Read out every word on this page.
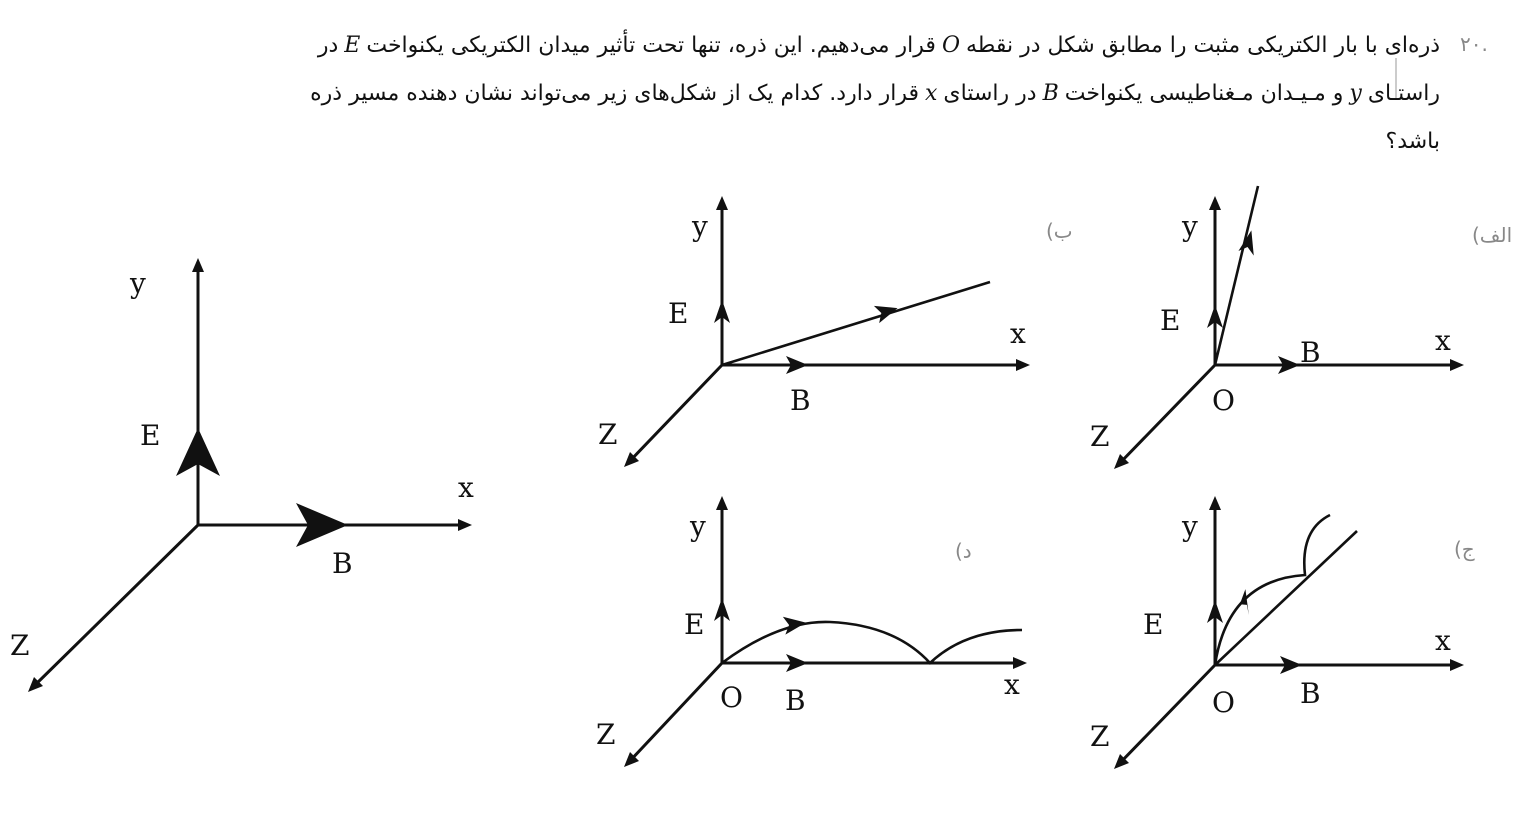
۲۰.
ذره‌ای با بار الکتریکی مثبت را مطابق شکل در نقطهOقرار می‌دهیم. این ذره، تنها تحت تأثیر میدان الکتریکی یکنواختEدر
راستـایyو مـیـدان مـغناطیسی یکنواختBدر راستایxقرار دارد. کدام یک از شکل‌های زیر می‌تواند نشان دهنده مسیر ذره
باشد؟
y
x
Z
E
B
y
x
Z
E
B
O
الف)
y
x
Z
E
B
ب)
y
x
Z
E
B
O
ج)
y
x
Z
E
B
O
د)
